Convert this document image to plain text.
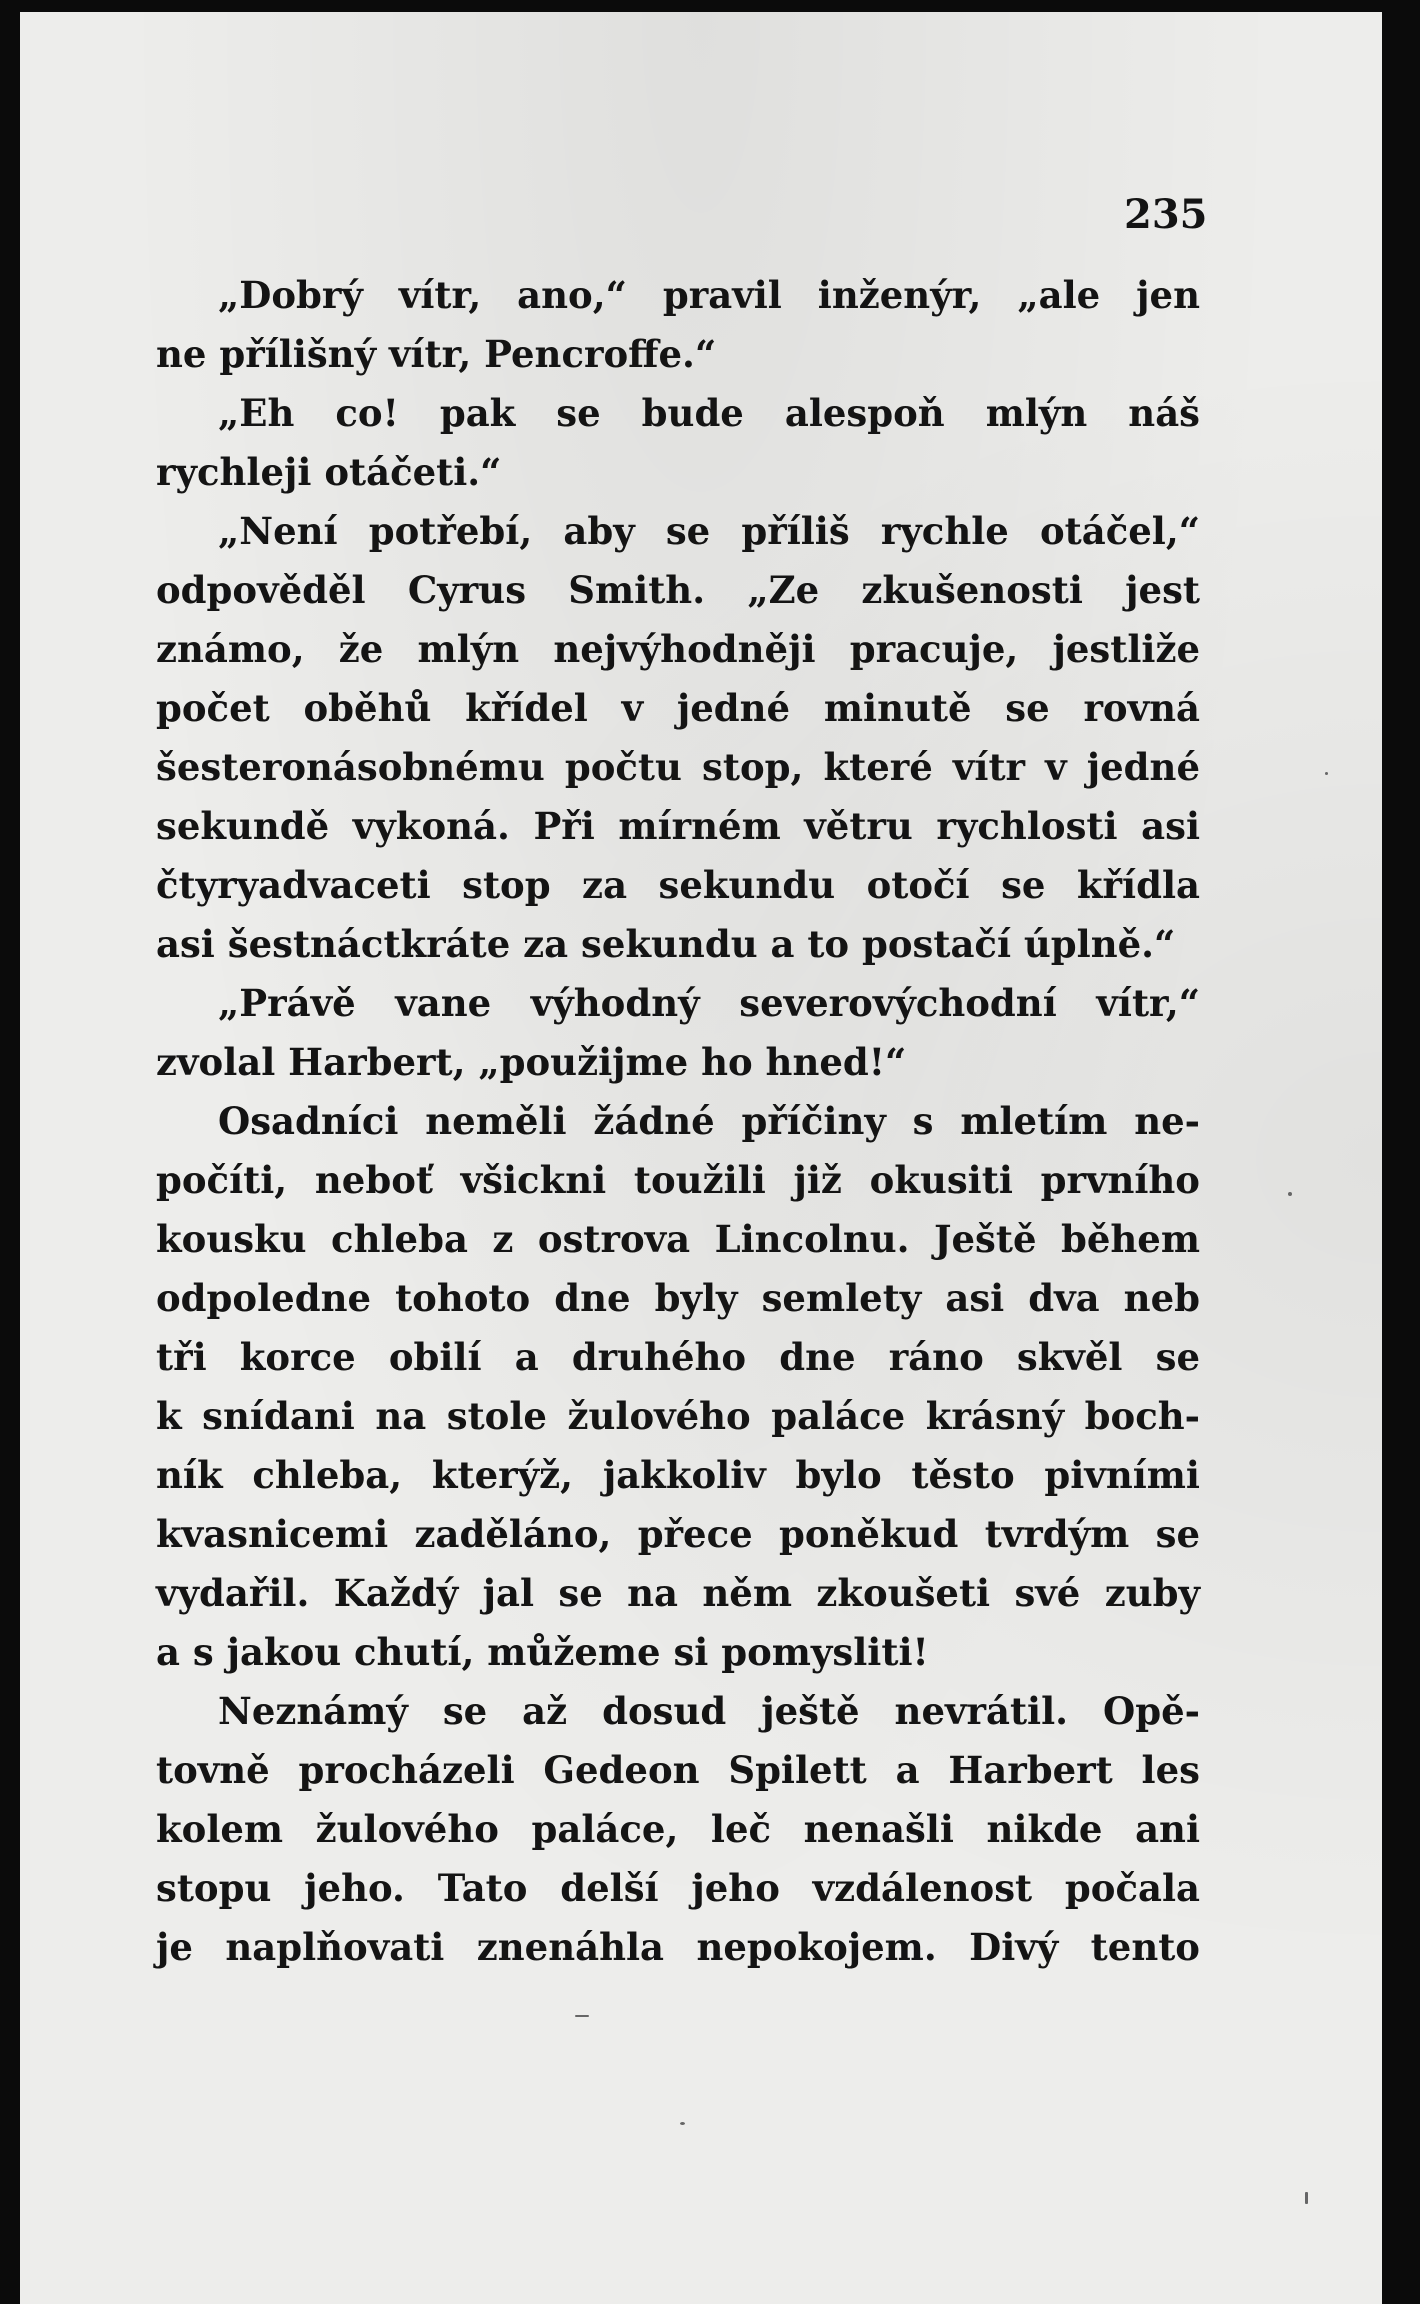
235
„Dobrý vítr, ano,“ pravil inženýr, „ale jen
ne přílišný vítr, Pencroffe.“
„Eh co! pak se bude alespoň mlýn náš
rychleji otáčeti.“
„Není potřebí, aby se příliš rychle otáčel,“
odpověděl Cyrus Smith. „Ze zkušenosti jest
známo, že mlýn nejvýhodněji pracuje, jestliže
počet oběhů křídel v jedné minutě se rovná
šesteronásobnému počtu stop, které vítr v jedné
sekundě vykoná. Při mírném větru rychlosti asi
čtyryadvaceti stop za sekundu otočí se křídla
asi šestnáctkráte za sekundu a to postačí úplně.“
„Právě vane výhodný severovýchodní vítr,“
zvolal Harbert, „použijme ho hned!“
Osadníci neměli žádné příčiny s mletím ne-
počíti, neboť všickni toužili již okusiti prvního
kousku chleba z ostrova Lincolnu. Ještě během
odpoledne tohoto dne byly semlety asi dva neb
tři korce obilí a druhého dne ráno skvěl se
k snídani na stole žulového paláce krásný boch-
ník chleba, kterýž, jakkoliv bylo těsto pivními
kvasnicemi zaděláno, přece poněkud tvrdým se
vydařil. Každý jal se na něm zkoušeti své zuby
a s jakou chutí, můžeme si pomysliti!
Neznámý se až dosud ještě nevrátil. Opě-
tovně procházeli Gedeon Spilett a Harbert les
kolem žulového paláce, leč nenašli nikde ani
stopu jeho. Tato delší jeho vzdálenost počala
je naplňovati znenáhla nepokojem. Divý tento
